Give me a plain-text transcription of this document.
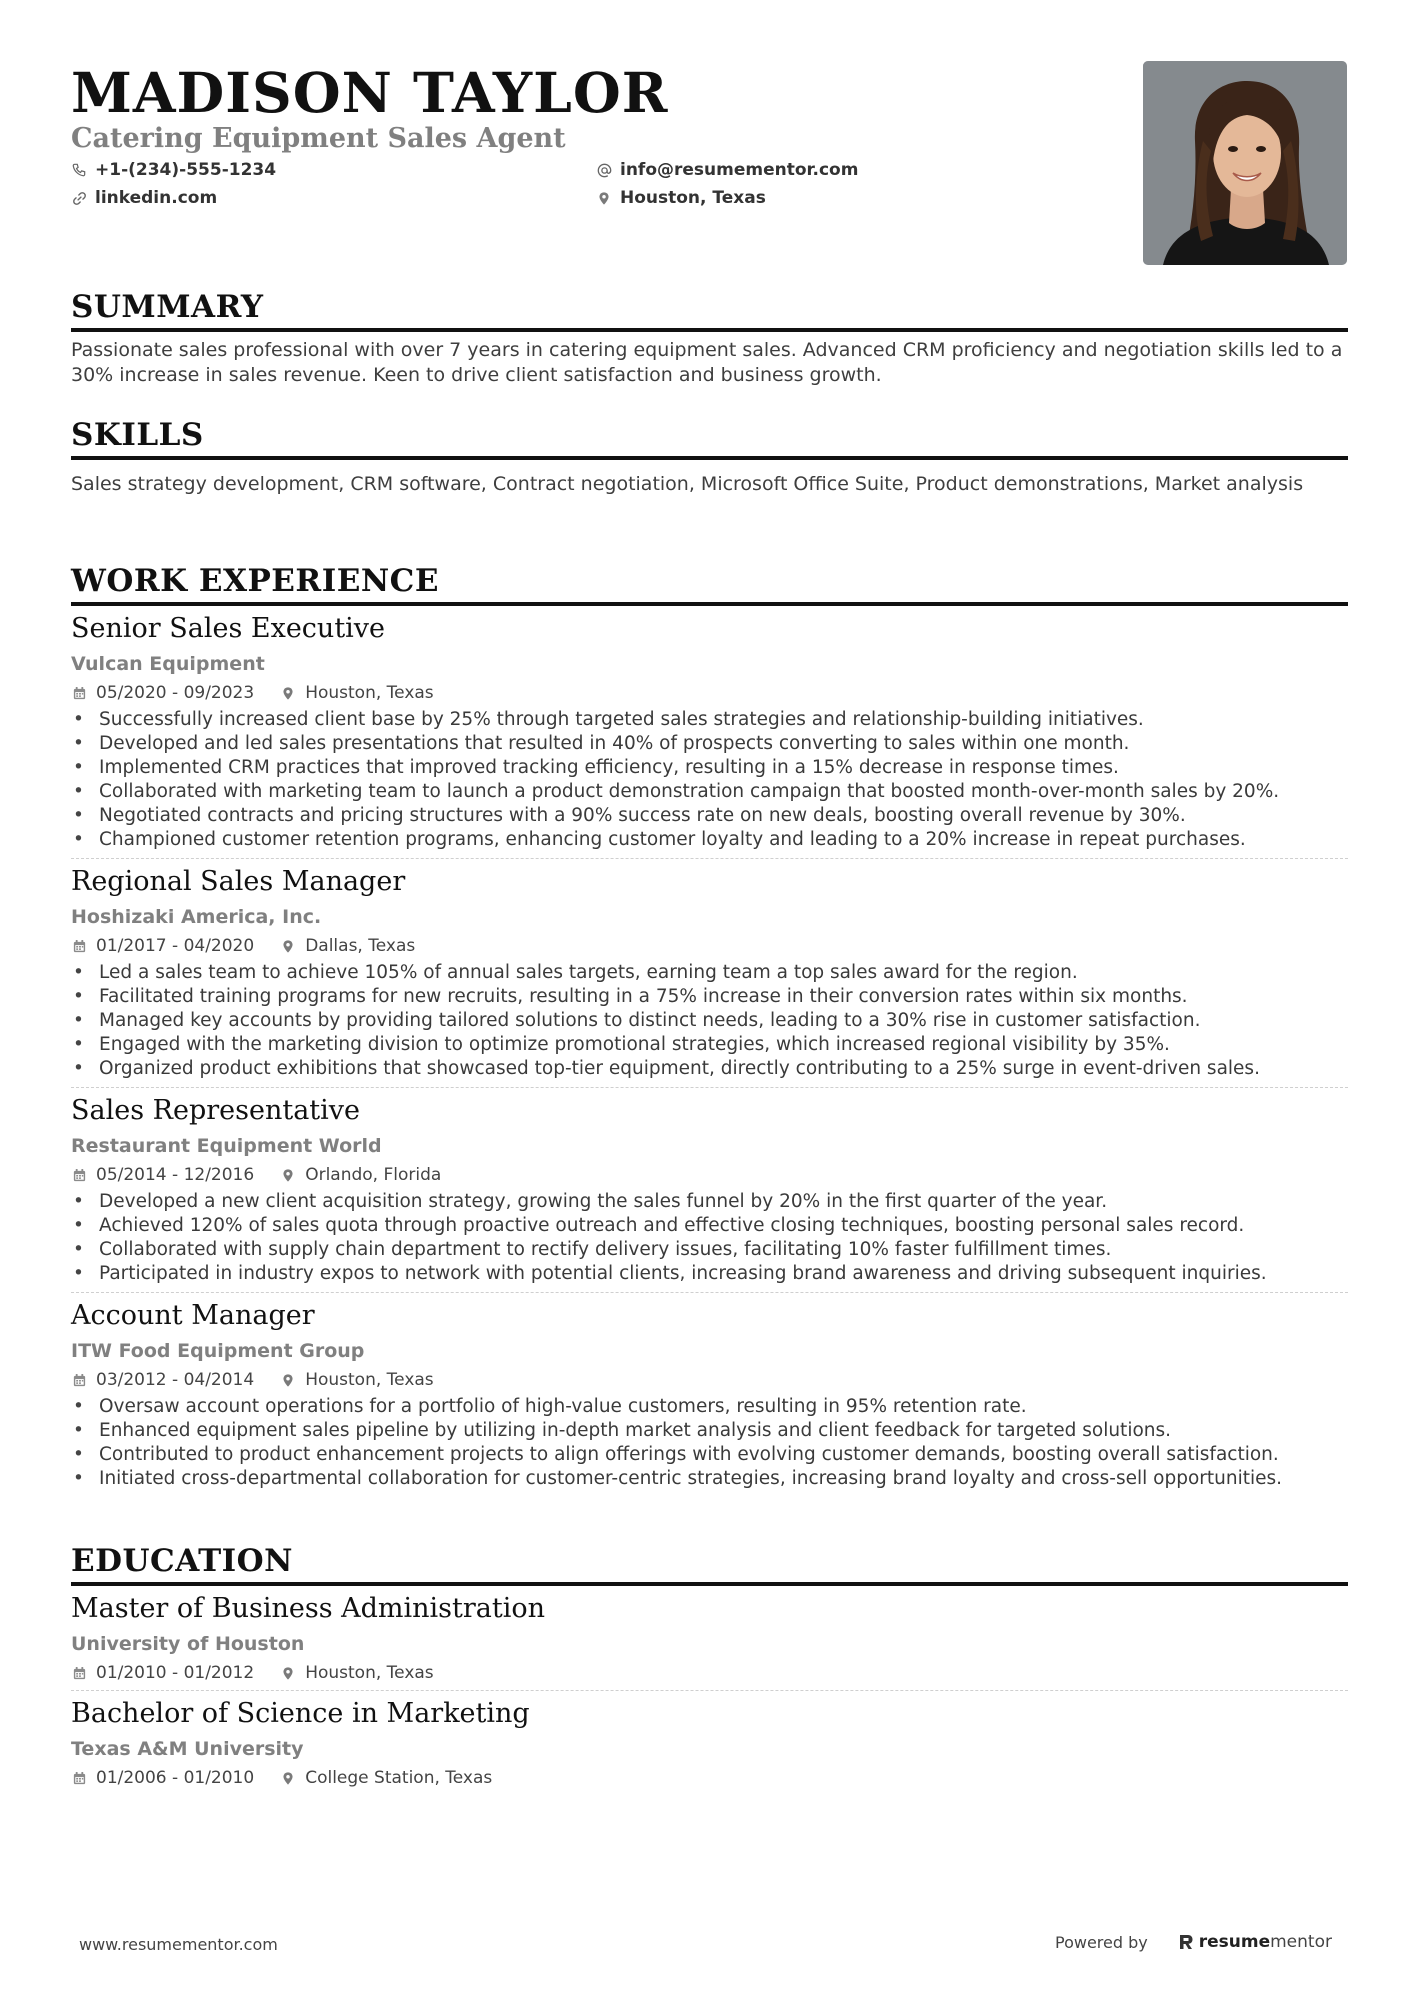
MADISON TAYLOR
Catering Equipment Sales Agent
+1-(234)-555-1234	info@resumementor.com
linkedin.com	Houston, Texas
SUMMARY
Passionate sales professional with over 7 years in catering equipment sales. Advanced CRM proficiency and negotiation skills led to a 30% increase in sales revenue. Keen to drive client satisfaction and business growth.
SKILLS
Sales strategy development, CRM software, Contract negotiation, Microsoft Office Suite, Product demonstrations, Market analysis
WORK EXPERIENCE
Senior Sales Executive
Vulcan Equipment
05/2020 - 09/2023	Houston, Texas
• Successfully increased client base by 25% through targeted sales strategies and relationship-building initiatives.
• Developed and led sales presentations that resulted in 40% of prospects converting to sales within one month.
• Implemented CRM practices that improved tracking efficiency, resulting in a 15% decrease in response times.
• Collaborated with marketing team to launch a product demonstration campaign that boosted month-over-month sales by 20%.
• Negotiated contracts and pricing structures with a 90% success rate on new deals, boosting overall revenue by 30%.
• Championed customer retention programs, enhancing customer loyalty and leading to a 20% increase in repeat purchases.
Regional Sales Manager
Hoshizaki America, Inc.
01/2017 - 04/2020	Dallas, Texas
• Led a sales team to achieve 105% of annual sales targets, earning team a top sales award for the region.
• Facilitated training programs for new recruits, resulting in a 75% increase in their conversion rates within six months.
• Managed key accounts by providing tailored solutions to distinct needs, leading to a 30% rise in customer satisfaction.
• Engaged with the marketing division to optimize promotional strategies, which increased regional visibility by 35%.
• Organized product exhibitions that showcased top-tier equipment, directly contributing to a 25% surge in event-driven sales.
Sales Representative
Restaurant Equipment World
05/2014 - 12/2016	Orlando, Florida
• Developed a new client acquisition strategy, growing the sales funnel by 20% in the first quarter of the year.
• Achieved 120% of sales quota through proactive outreach and effective closing techniques, boosting personal sales record.
• Collaborated with supply chain department to rectify delivery issues, facilitating 10% faster fulfillment times.
• Participated in industry expos to network with potential clients, increasing brand awareness and driving subsequent inquiries.
Account Manager
ITW Food Equipment Group
03/2012 - 04/2014	Houston, Texas
• Oversaw account operations for a portfolio of high-value customers, resulting in 95% retention rate.
• Enhanced equipment sales pipeline by utilizing in-depth market analysis and client feedback for targeted solutions.
• Contributed to product enhancement projects to align offerings with evolving customer demands, boosting overall satisfaction.
• Initiated cross-departmental collaboration for customer-centric strategies, increasing brand loyalty and cross-sell opportunities.
EDUCATION
Master of Business Administration
University of Houston
01/2010 - 01/2012	Houston, Texas
Bachelor of Science in Marketing
Texas A&M University
01/2006 - 01/2010	College Station, Texas
www.resumementor.com	Powered by	resume mentor
